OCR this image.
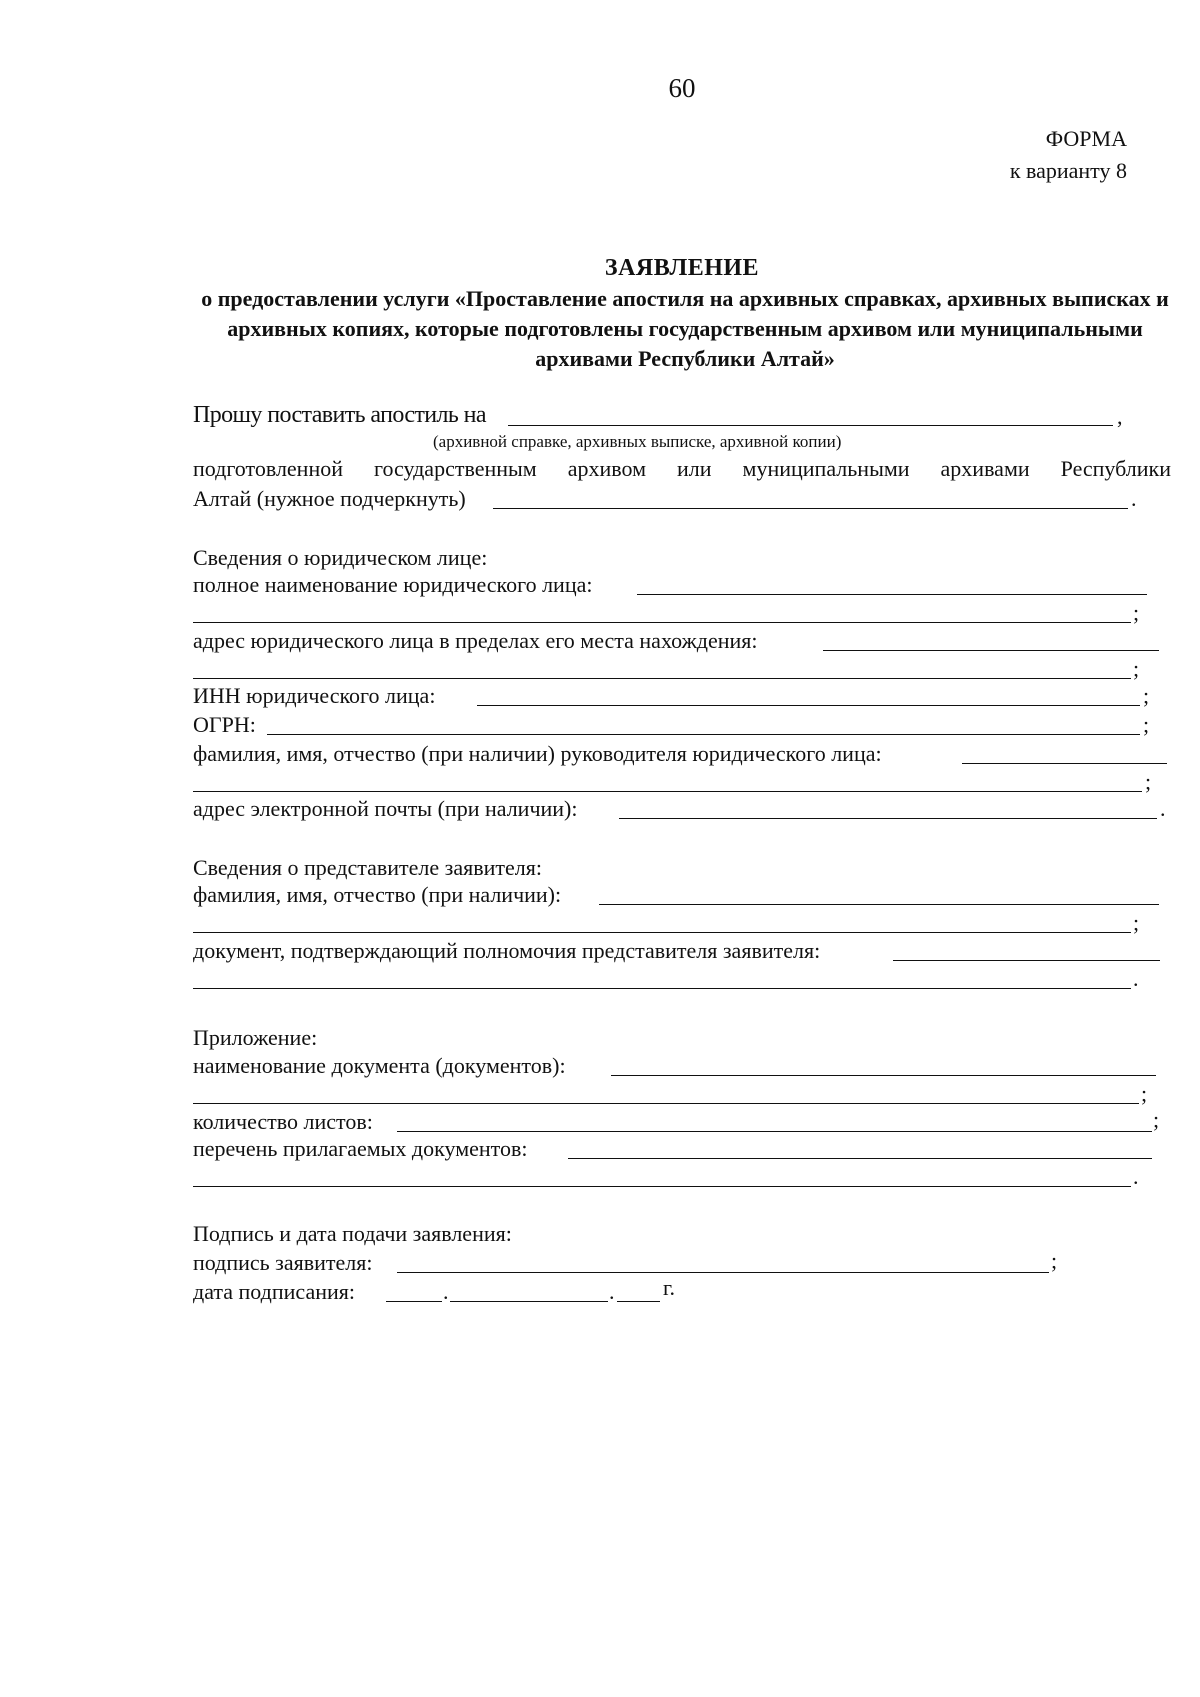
60
ФОРМА
к варианту 8
ЗАЯВЛЕНИЕ
о предоставлении услуги «Проставление апостиля на архивных справках, архивных выписках и архивных копиях, которые подготовлены государственным архивом или муниципальными архивами Республики Алтай»
Прошу поставить апостиль на	,
(архивной справке, архивных выписке, архивной копии)
подготовленной государственным архивом или муниципальными архивами Республики
Алтай (нужное подчеркнуть)	.
Сведения о юридическом лице:
полное наименование юридического лица:
;
адрес юридического лица в пределах его места нахождения:
;
ИНН юридического лица:	;
ОГРН:	;
фамилия, имя, отчество (при наличии) руководителя юридического лица:
;
адрес электронной почты (при наличии):	.
Сведения о представителе заявителя:
фамилия, имя, отчество (при наличии):
;
документ, подтверждающий полномочия представителя заявителя:
.
Приложение:
наименование документа (документов):
;
количество листов:	;
перечень прилагаемых документов:
.
Подпись и дата подачи заявления:
подпись заявителя:	;
дата подписания:	.	. г.
